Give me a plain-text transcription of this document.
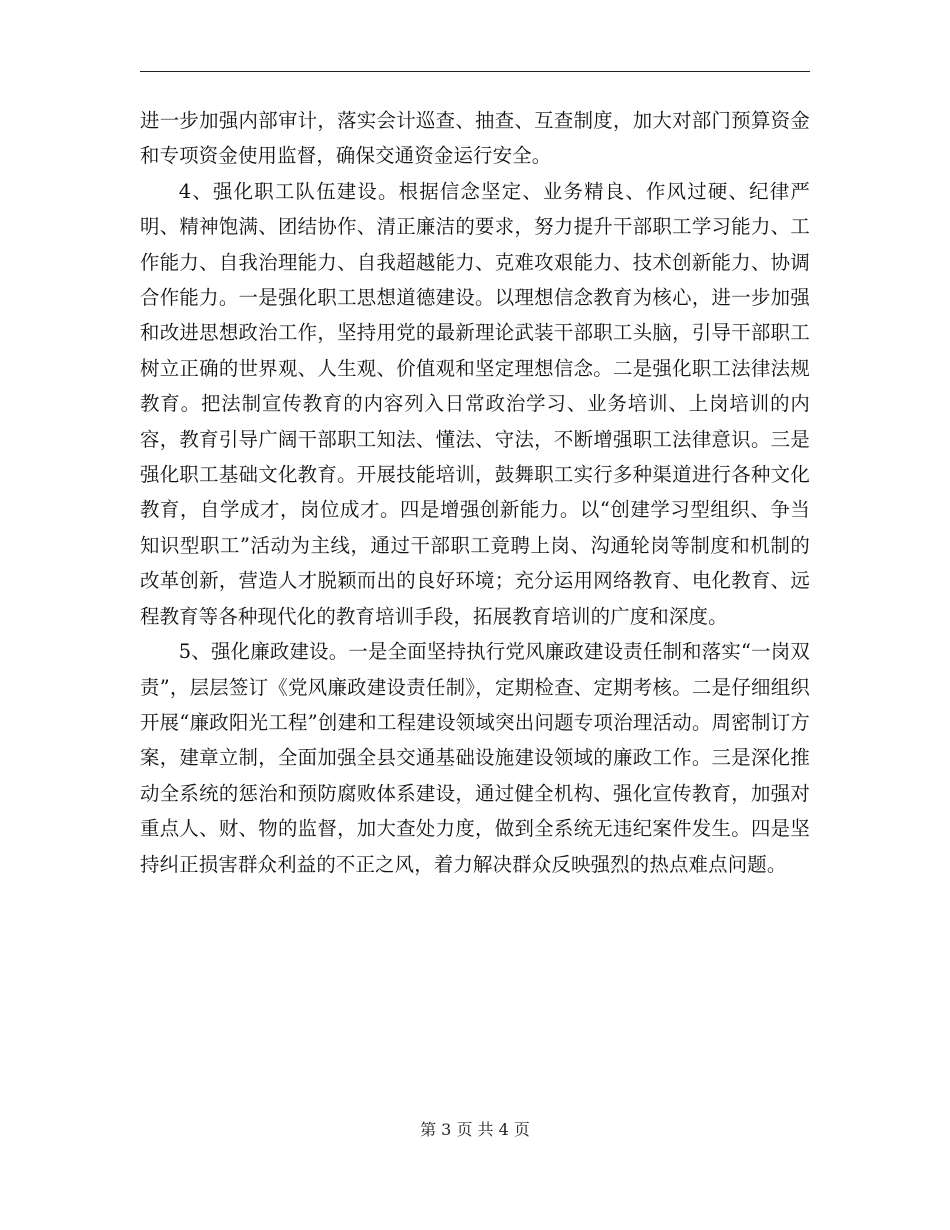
进一步加强内部审计，落实会计巡查、抽查、互查制度，加大对部门预算资金和专项资金使用监督，确保交通资金运行安全。

4、强化职工队伍建设。根据信念坚定、业务精良、作风过硬、纪律严明、精神饱满、团结协作、清正廉洁的要求，努力提升干部职工学习能力、工作能力、自我治理能力、自我超越能力、克难攻艰能力、技术创新能力、协调合作能力。一是强化职工思想道德建设。以理想信念教育为核心，进一步加强和改进思想政治工作，坚持用党的最新理论武装干部职工头脑，引导干部职工树立正确的世界观、人生观、价值观和坚定理想信念。二是强化职工法律法规教育。把法制宣传教育的内容列入日常政治学习、业务培训、上岗培训的内容，教育引导广阔干部职工知法、懂法、守法，不断增强职工法律意识。三是强化职工基础文化教育。开展技能培训，鼓舞职工实行多种渠道进行各种文化教育，自学成才，岗位成才。四是增强创新能力。以“创建学习型组织、争当知识型职工”活动为主线，通过干部职工竟聘上岗、沟通轮岗等制度和机制的改革创新，营造人才脱颖而出的良好环境；充分运用网络教育、电化教育、远程教育等各种现代化的教育培训手段，拓展教育培训的广度和深度。

5、强化廉政建设。一是全面坚持执行党风廉政建设责任制和落实“一岗双责”，层层签订《党风廉政建设责任制》，定期检查、定期考核。二是仔细组织开展“廉政阳光工程”创建和工程建设领域突出问题专项治理活动。周密制订方案，建章立制，全面加强全县交通基础设施建设领域的廉政工作。三是深化推动全系统的惩治和预防腐败体系建设，通过健全机构、强化宣传教育，加强对重点人、财、物的监督，加大查处力度，做到全系统无违纪案件发生。四是坚持纠正损害群众利益的不正之风，着力解决群众反映强烈的热点难点问题。

第 3 页 共 4 页
